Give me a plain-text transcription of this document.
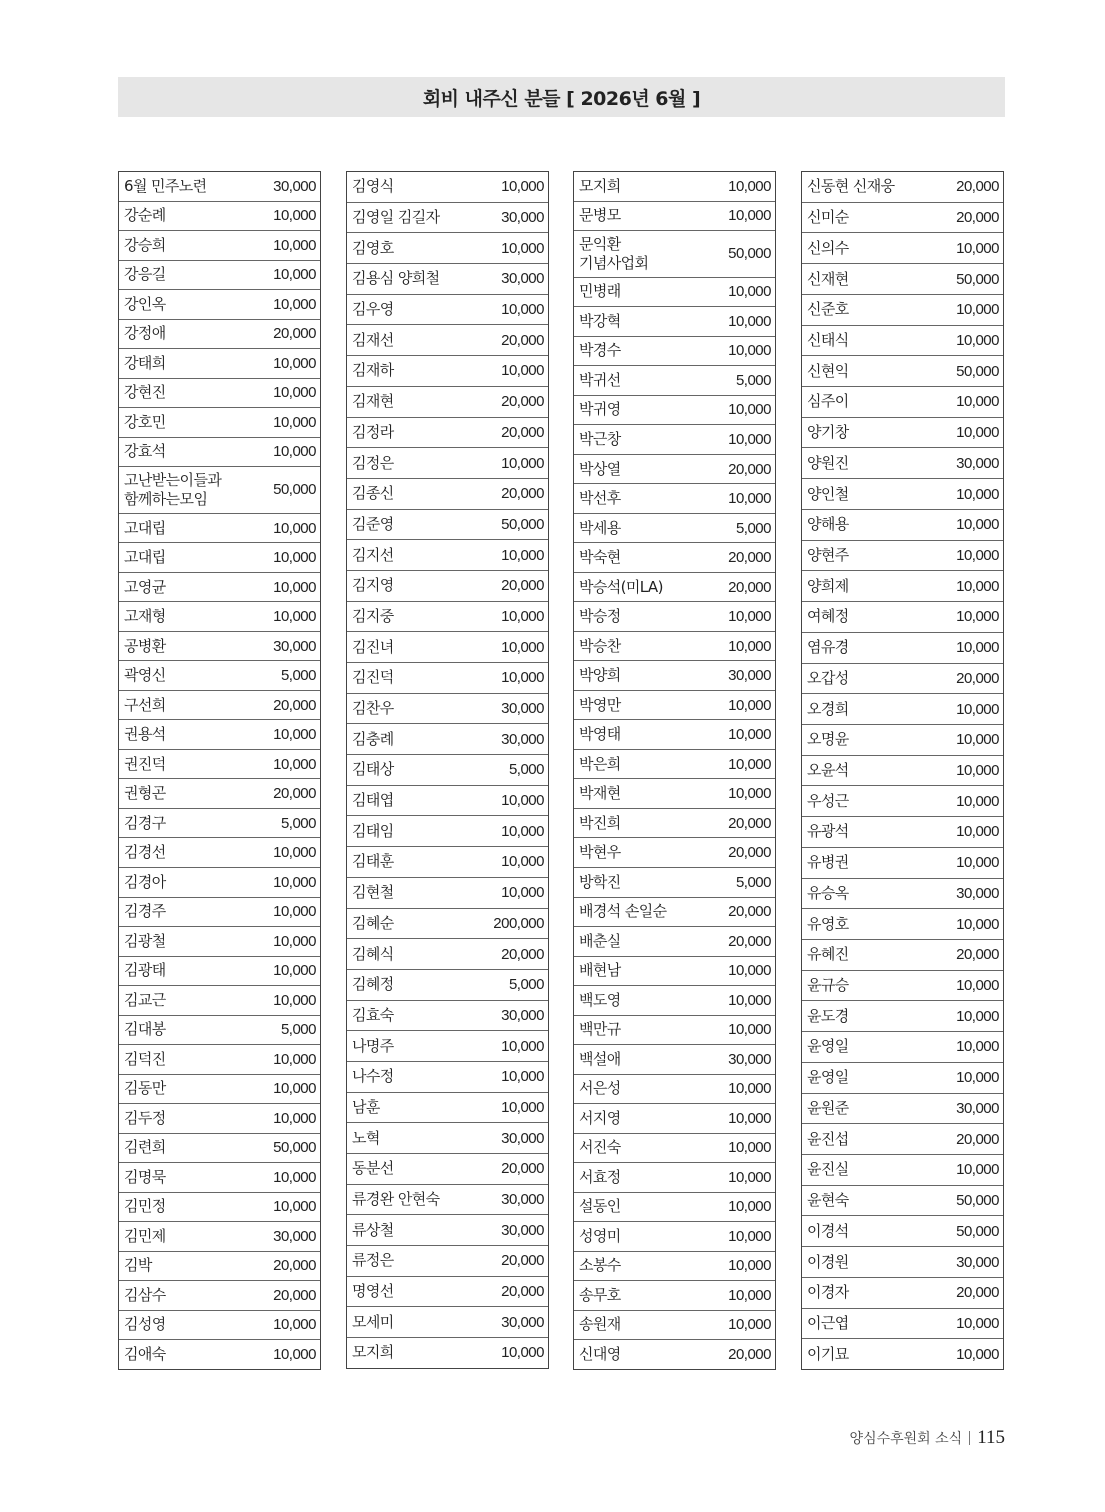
회비 내주신 분들 [ 2026년 6월 ]
6월 민주노련	30,000
강순례	10,000
강승희	10,000
강응길	10,000
강인옥	10,000
강정애	20,000
강태희	10,000
강현진	10,000
강호민	10,000
강효석	10,000
고난받는이들과
함께하는모임	50,000
고대립	10,000
고대립	10,000
고영균	10,000
고재형	10,000
공병환	30,000
곽영신	5,000
구선희	20,000
권용석	10,000
권진덕	10,000
권형곤	20,000
김경구	5,000
김경선	10,000
김경아	10,000
김경주	10,000
김광철	10,000
김광태	10,000
김교근	10,000
김대봉	5,000
김덕진	10,000
김동만	10,000
김두정	10,000
김련희	50,000
김명묵	10,000
김민정	10,000
김민제	30,000
김박	20,000
김삼수	20,000
김성영	10,000
김애숙	10,000
김영식	10,000
김영일 김길자	30,000
김영호	10,000
김용심 양희철	30,000
김우영	10,000
김재선	20,000
김재하	10,000
김재현	20,000
김정라	20,000
김정은	10,000
김종신	20,000
김준영	50,000
김지선	10,000
김지영	20,000
김지중	10,000
김진녀	10,000
김진덕	10,000
김찬우	30,000
김충례	30,000
김태상	5,000
김태엽	10,000
김태임	10,000
김태훈	10,000
김현철	10,000
김혜순	200,000
김혜식	20,000
김혜정	5,000
김효숙	30,000
나명주	10,000
나수정	10,000
남훈	10,000
노혁	30,000
동분선	20,000
류경완 안현숙	30,000
류상철	30,000
류정은	20,000
명영선	20,000
모세미	30,000
모지희	10,000
모지희	10,000
문병모	10,000
문익환
기념사업회	50,000
민병래	10,000
박강혁	10,000
박경수	10,000
박귀선	5,000
박귀영	10,000
박근창	10,000
박상열	20,000
박선후	10,000
박세용	5,000
박숙현	20,000
박승석(미LA)	20,000
박승정	10,000
박승찬	10,000
박양희	30,000
박영만	10,000
박영태	10,000
박은희	10,000
박재현	10,000
박진희	20,000
박현우	20,000
방학진	5,000
배경석 손일순	20,000
배춘실	20,000
배현남	10,000
백도영	10,000
백만규	10,000
백설애	30,000
서은성	10,000
서지영	10,000
서진숙	10,000
서효정	10,000
설동인	10,000
성영미	10,000
소봉수	10,000
송무호	10,000
송원재	10,000
신대영	20,000
신동현 신재웅	20,000
신미순	20,000
신의수	10,000
신재현	50,000
신준호	10,000
신태식	10,000
신현익	50,000
심주이	10,000
양기창	10,000
양원진	30,000
양인철	10,000
양해용	10,000
양현주	10,000
양희제	10,000
여혜정	10,000
염유경	10,000
오갑성	20,000
오경희	10,000
오명윤	10,000
오윤석	10,000
우성근	10,000
유광석	10,000
유병권	10,000
유승옥	30,000
유영호	10,000
유혜진	20,000
윤규승	10,000
윤도경	10,000
윤영일	10,000
윤영일	10,000
윤원준	30,000
윤진섭	20,000
윤진실	10,000
윤현숙	50,000
이경석	50,000
이경원	30,000
이경자	20,000
이근엽	10,000
이기묘	10,000
양심수후원회 소식 115
